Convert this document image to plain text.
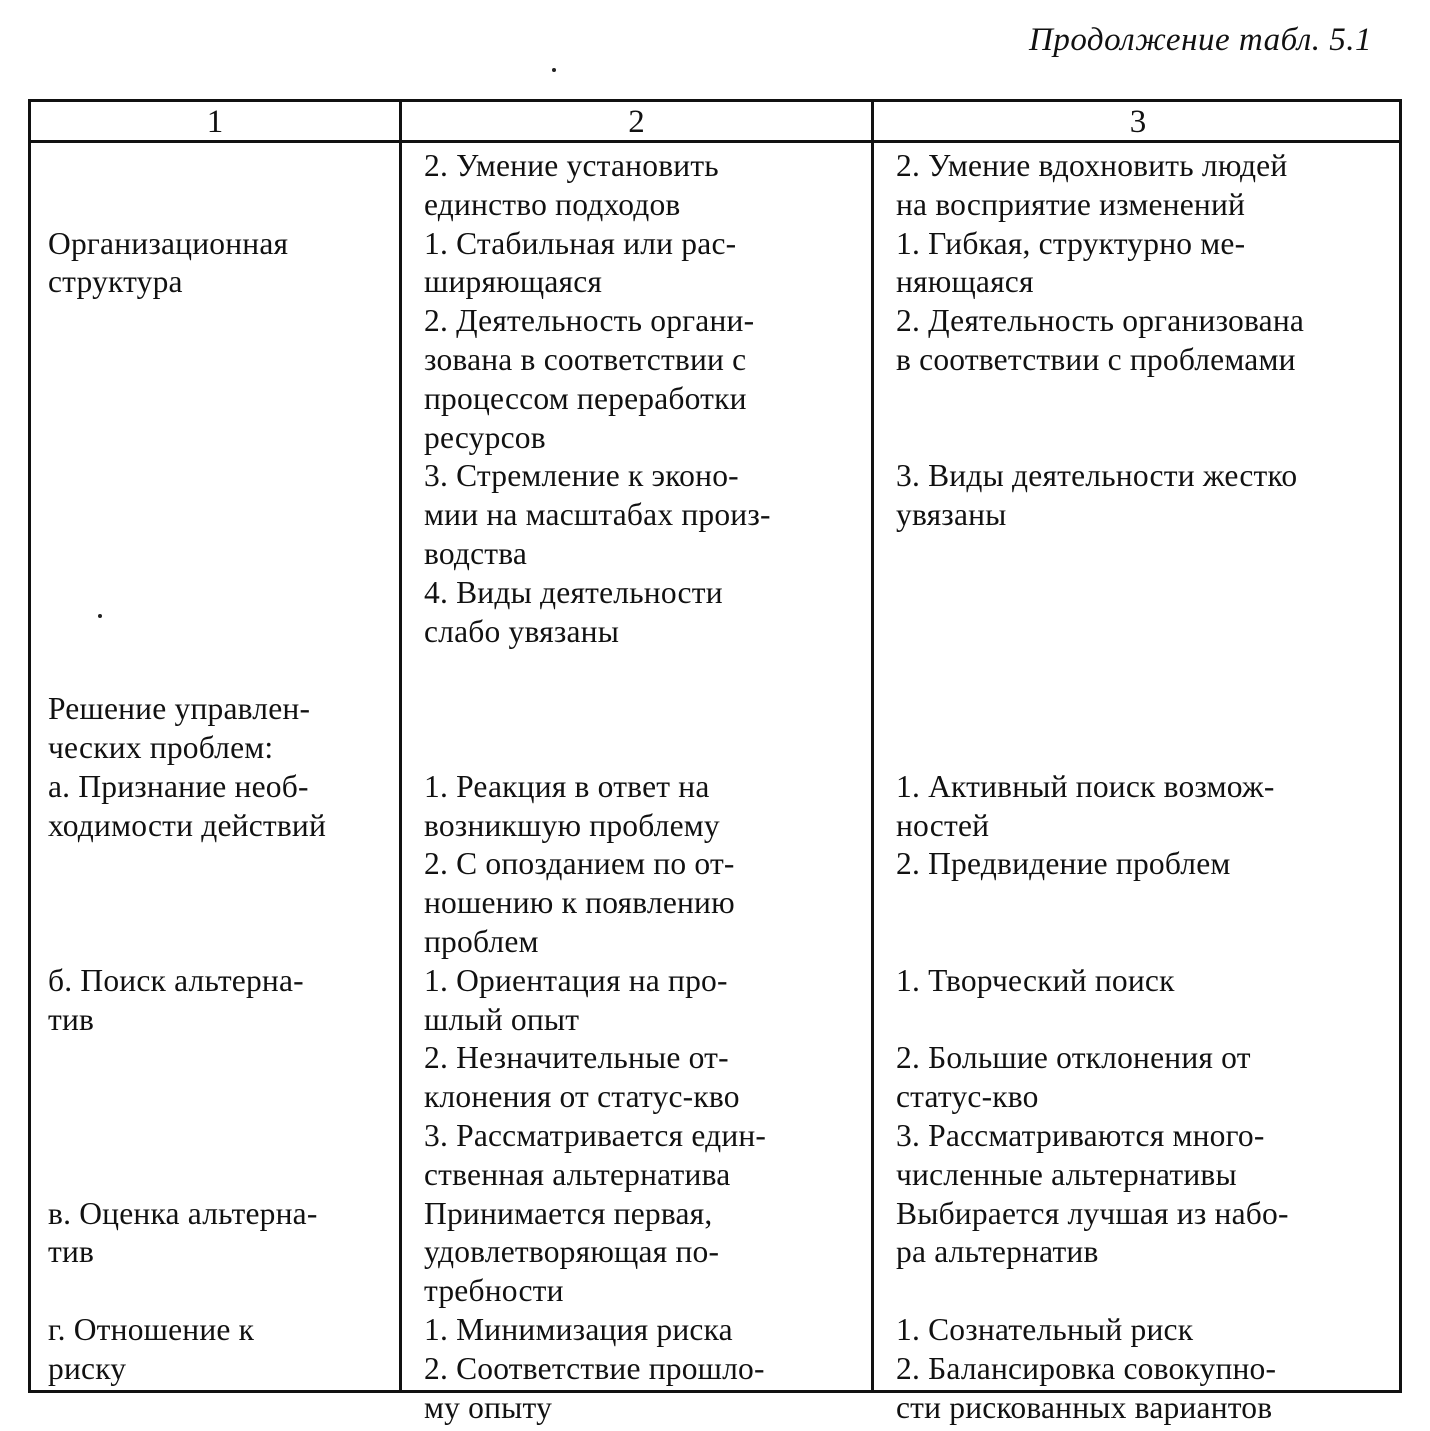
Продолжение табл. 5.1
1	2	3
Организационная
структура
Решение управлен-
ческих проблем:
а. Признание необ-
ходимости действий
б. Поиск альтерна-
тив
в. Оценка альтерна-
тив
г. Отношение к
риску
2. Умение установить
единство подходов
1. Стабильная или рас-
ширяющаяся
2. Деятельность органи-
зована в соответствии с
процессом переработки
ресурсов
3. Стремление к эконо-
мии на масштабах произ-
водства
4. Виды деятельности
слабо увязаны
1. Реакция в ответ на
возникшую проблему
2. С опозданием по от-
ношению к появлению
проблем
1. Ориентация на про-
шлый опыт
2. Незначительные от-
клонения от статус-кво
3. Рассматривается един-
ственная альтернатива
Принимается первая,
удовлетворяющая по-
требности
1. Минимизация риска
2. Соответствие прошло-
му опыту
2. Умение вдохновить людей
на восприятие изменений
1. Гибкая, структурно ме-
няющаяся
2. Деятельность организована
в соответствии с проблемами
3. Виды деятельности жестко
увязаны
1. Активный поиск возмож-
ностей
2. Предвидение проблем
1. Творческий поиск
2. Большие отклонения от
статус-кво
3. Рассматриваются много-
численные альтернативы
Выбирается лучшая из набо-
ра альтернатив
1. Сознательный риск
2. Балансировка совокупно-
сти рискованных вариантов
